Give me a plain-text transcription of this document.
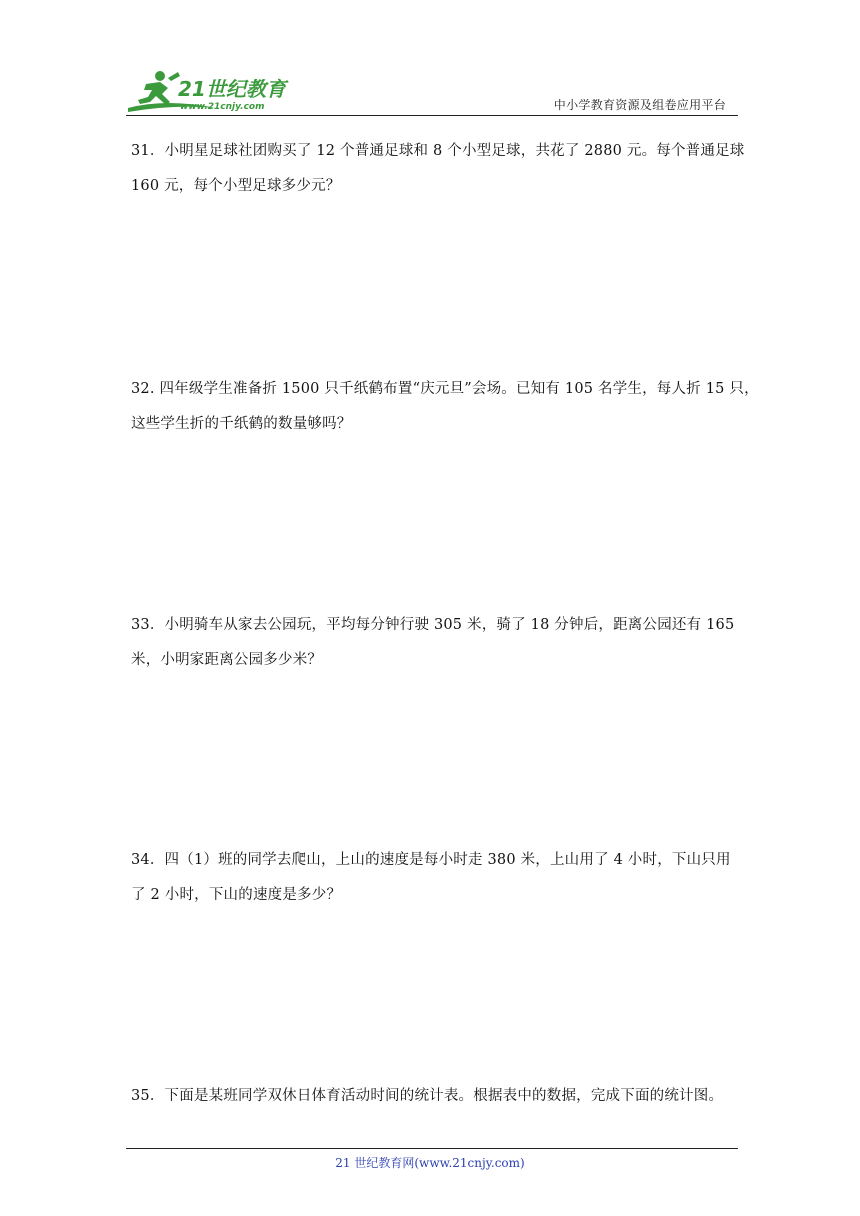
21世纪教育
www.21cnjy.com	中小学教育资源及组卷应用平台
31．小明星足球社团购买了 12 个普通足球和 8 个小型足球，共花了 2880 元。每个普通足球
160 元，每个小型足球多少元？
32. 四年级学生准备折 1500 只千纸鹤布置“庆元旦”会场。已知有 105 名学生，每人折 15 只，
这些学生折的千纸鹤的数量够吗？
33．小明骑车从家去公园玩，平均每分钟行驶 305 米，骑了 18 分钟后，距离公园还有 165
米，小明家距离公园多少米？
34．四（1）班的同学去爬山，上山的速度是每小时走 380 米，上山用了 4 小时，下山只用
了 2 小时，下山的速度是多少？
35．下面是某班同学双休日体育活动时间的统计表。根据表中的数据，完成下面的统计图。
21 世纪教育网(www.21cnjy.com)
